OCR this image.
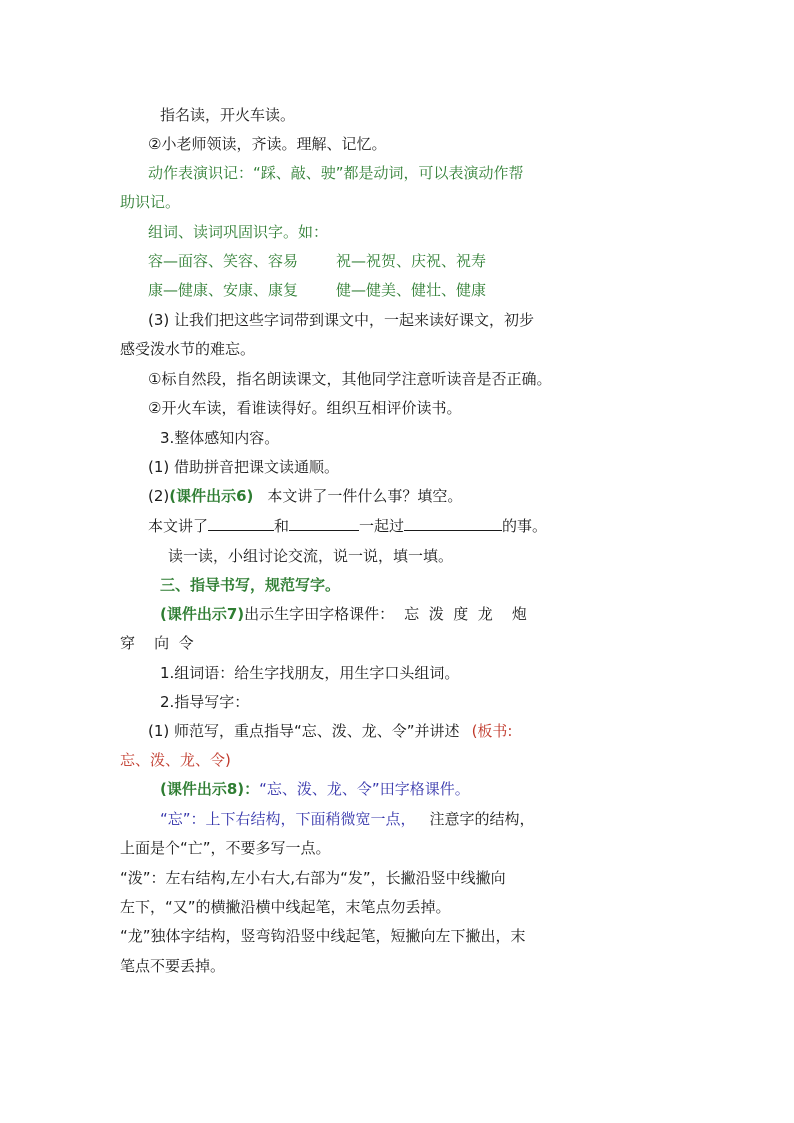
指名读，开火车读。
②小老师领读，齐读。理解、记忆。
动作表演识记：“踩、敲、驶”都是动词，可以表演动作帮
助识记。
组词、读词巩固识字。如：
容—面容、笑容、容易	祝—祝贺、庆祝、祝寿
康—健康、安康、康复	健—健美、健壮、健康
(3) 让我们把这些字词带到课文中，一起来读好课文，初步
感受泼水节的难忘。
①标自然段，指名朗读课文，其他同学注意听读音是否正确。
②开火车读，看谁读得好。组织互相评价读书。
3.整体感知内容。
(1) 借助拼音把课文读通顺。
(2)(课件出示6) 本文讲了一件什么事？填空。
本文讲了	和	一起过	的事。
读一读，小组讨论交流，说一说，填一填。
三、指导书写，规范写字。
(课件出示7)出示生字田字格课件： 忘  泼  度  龙    炮
穿    向  令
1.组词语：给生字找朋友，用生字口头组词。
2.指导写字：
(1) 师范写，重点指导“忘、泼、龙、令”并讲述 (板书:
忘、泼、龙、令)
(课件出示8)：“忘、泼、龙、令”田字格课件。
“忘”：上下右结构，下面稍微宽一点， 注意字的结构，
上面是个“亡”，不要多写一点。
“泼”：左右结构,左小右大,右部为“发”，长撇沿竖中线撇向
左下，“又”的横撇沿横中线起笔，末笔点勿丢掉。
“龙”独体字结构，竖弯钩沿竖中线起笔，短撇向左下撇出，末
笔点不要丢掉。
